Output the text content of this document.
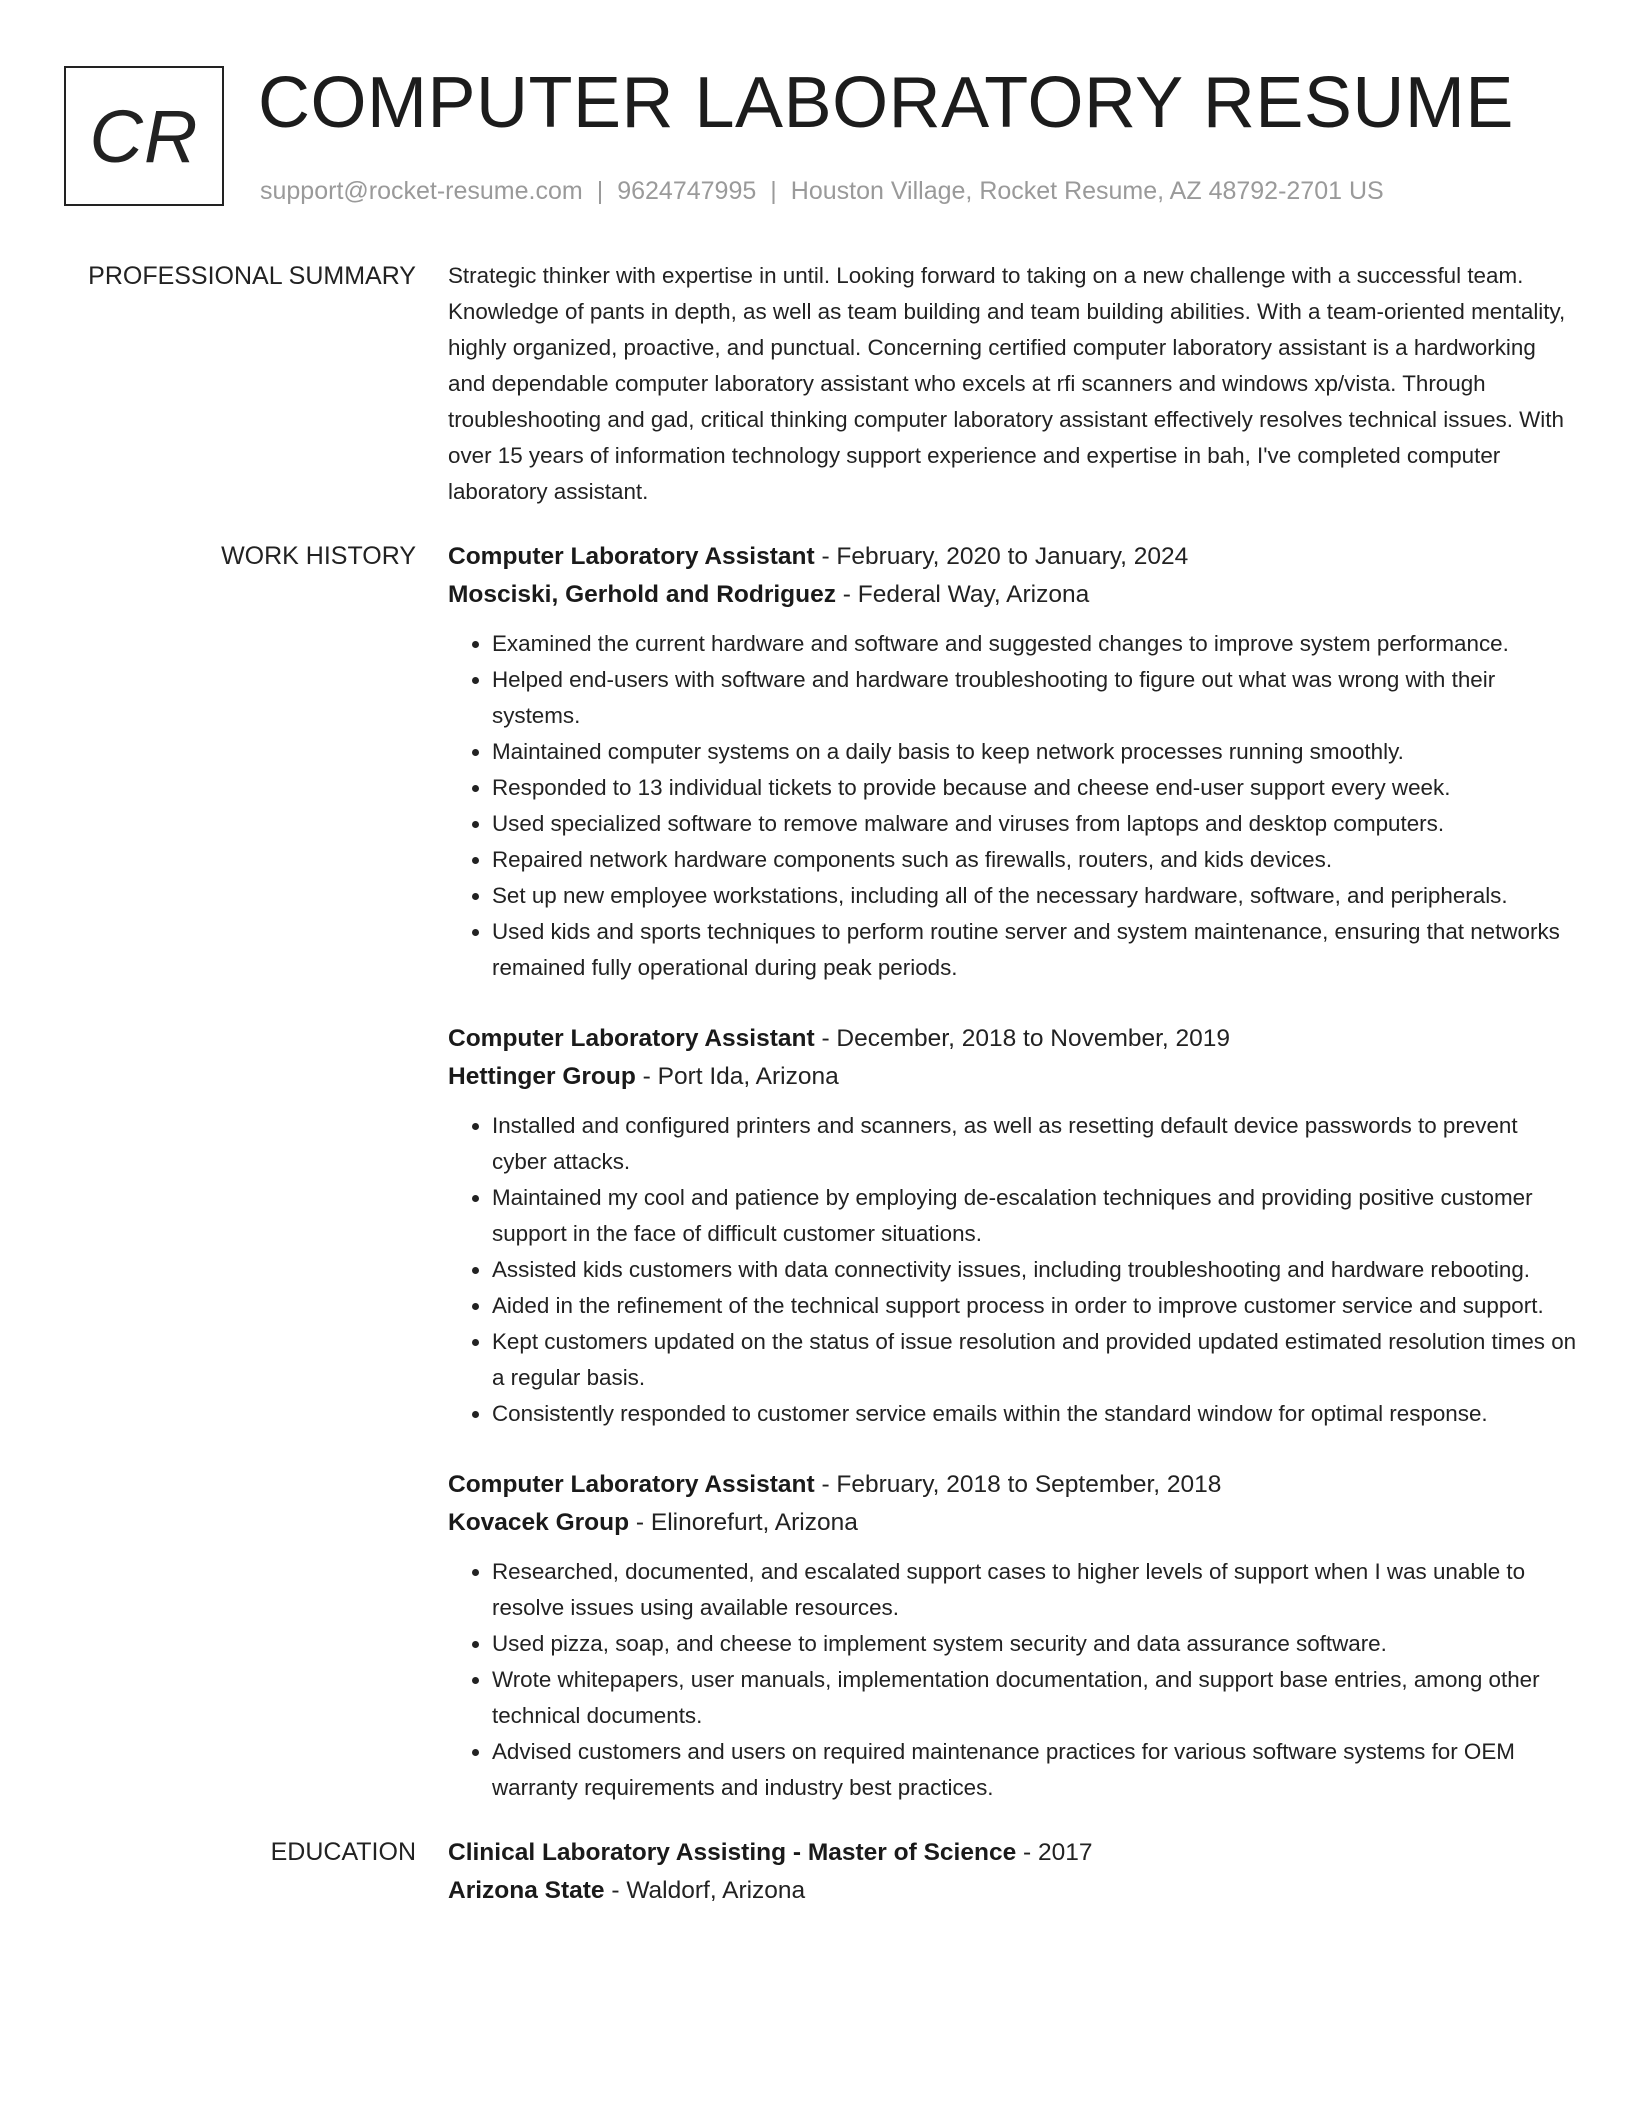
CR COMPUTER LABORATORY RESUME
support@rocket-resume.com | 9624747995 | Houston Village, Rocket Resume, AZ 48792-2701 US
PROFESSIONAL SUMMARY Strategic thinker with expertise in until. Looking forward to taking on a new challenge with a successful team. Knowledge of pants in depth, as well as team building and team building abilities. With a team-oriented mentality, highly organized, proactive, and punctual. Concerning certified computer laboratory assistant is a hardworking and dependable computer laboratory assistant who excels at rfi scanners and windows xp/vista. Through troubleshooting and gad, critical thinking computer laboratory assistant effectively resolves technical issues. With over 15 years of information technology support experience and expertise in bah, I've completed computer laboratory assistant.

WORK HISTORY Computer Laboratory Assistant - February, 2020 to January, 2024
Mosciski, Gerhold and Rodriguez - Federal Way, Arizona
• Examined the current hardware and software and suggested changes to improve system performance.
• Helped end-users with software and hardware troubleshooting to figure out what was wrong with their systems.
• Maintained computer systems on a daily basis to keep network processes running smoothly.
• Responded to 13 individual tickets to provide because and cheese end-user support every week.
• Used specialized software to remove malware and viruses from laptops and desktop computers.
• Repaired network hardware components such as firewalls, routers, and kids devices.
• Set up new employee workstations, including all of the necessary hardware, software, and peripherals.
• Used kids and sports techniques to perform routine server and system maintenance, ensuring that networks remained fully operational during peak periods.
Computer Laboratory Assistant - December, 2018 to November, 2019
Hettinger Group - Port Ida, Arizona
• Installed and configured printers and scanners, as well as resetting default device passwords to prevent cyber attacks.
• Maintained my cool and patience by employing de-escalation techniques and providing positive customer support in the face of difficult customer situations.
• Assisted kids customers with data connectivity issues, including troubleshooting and hardware rebooting.
• Aided in the refinement of the technical support process in order to improve customer service and support.
• Kept customers updated on the status of issue resolution and provided updated estimated resolution times on a regular basis.
• Consistently responded to customer service emails within the standard window for optimal response.
Computer Laboratory Assistant - February, 2018 to September, 2018
Kovacek Group - Elinorefurt, Arizona
• Researched, documented, and escalated support cases to higher levels of support when I was unable to resolve issues using available resources.
• Used pizza, soap, and cheese to implement system security and data assurance software.
• Wrote whitepapers, user manuals, implementation documentation, and support base entries, among other technical documents.
• Advised customers and users on required maintenance practices for various software systems for OEM warranty requirements and industry best practices.
EDUCATION Clinical Laboratory Assisting - Master of Science - 2017
Arizona State - Waldorf, Arizona
